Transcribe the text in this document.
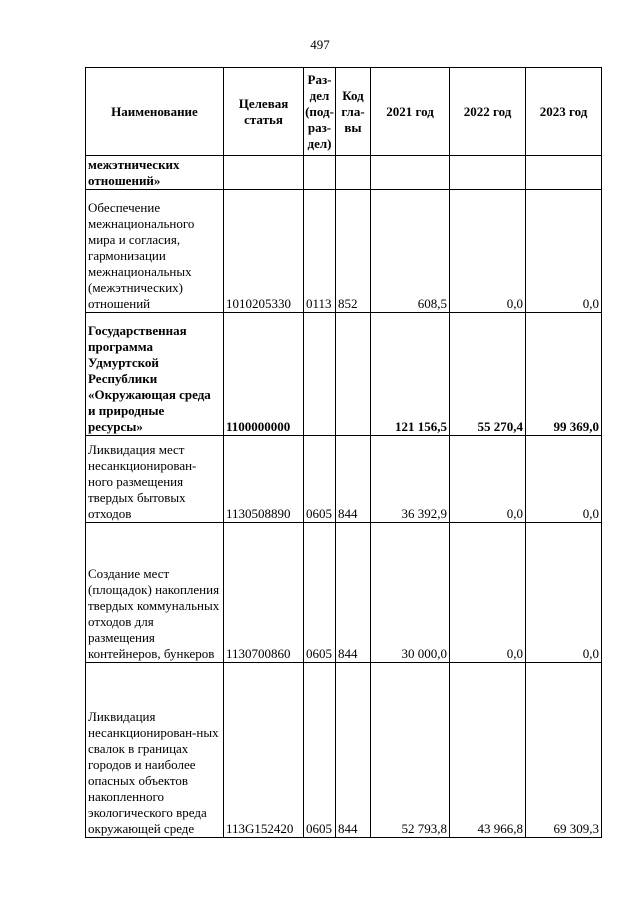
497
Наименование	Целевая статья	Раз-дел (под-раз-дел)	Код гла-вы	2021 год	2022 год	2023 год
межэтнических отношений»						
Обеспечение межнационального мира и согласия, гармонизации межнациональных (межэтнических) отношений	1010205330	0113	852	608,5	0,0	0,0
Государственная программа Удмуртской Республики «Окружающая среда и природные ресурсы»	1100000000			121 156,5	55 270,4	99 369,0
Ликвидация мест несанкционирован-ного размещения твердых бытовых отходов	1130508890	0605	844	36 392,9	0,0	0,0
Создание мест (площадок) накопления твердых коммунальных отходов для размещения контейнеров, бункеров	1130700860	0605	844	30 000,0	0,0	0,0
Ликвидация несанкционирован-ных свалок в границах городов и наиболее опасных объектов накопленного экологического вреда окружающей среде	113G152420	0605	844	52 793,8	43 966,8	69 309,3
